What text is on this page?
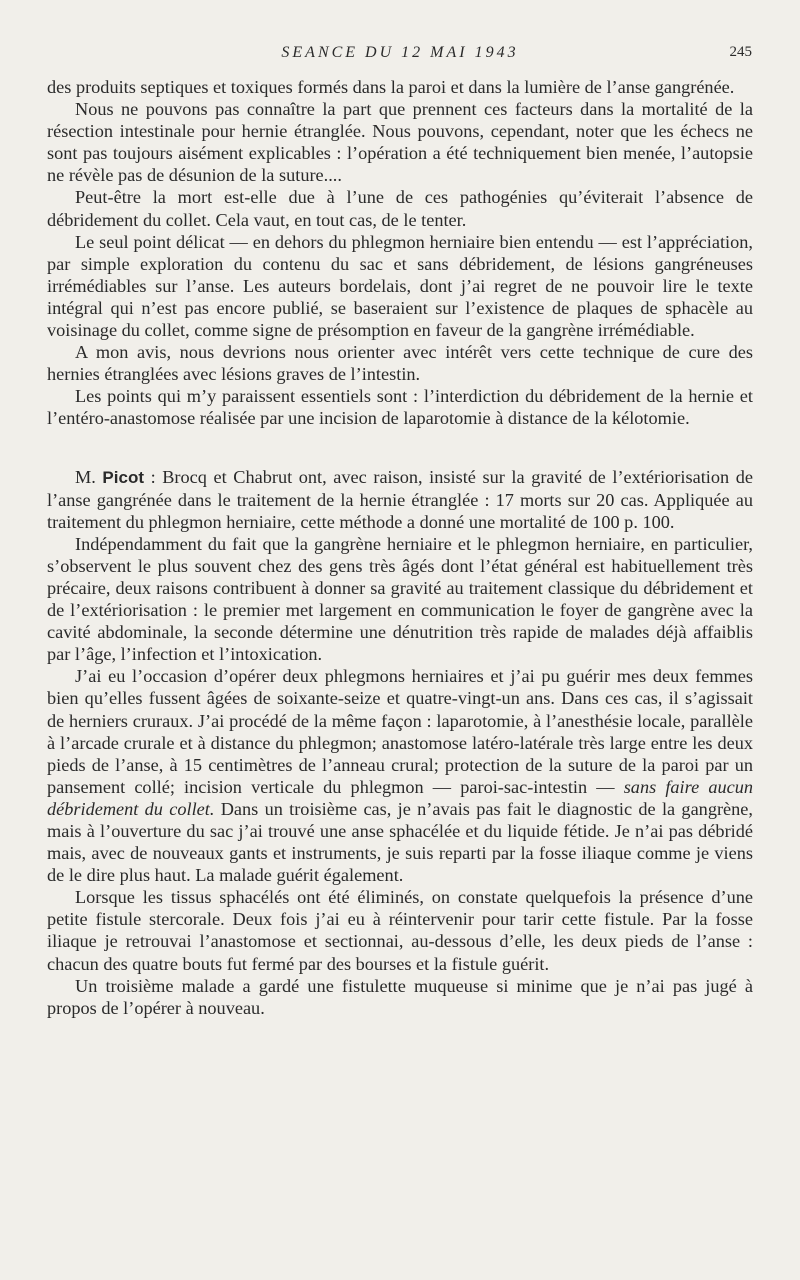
SEANCE DU 12 MAI 1943	245

des produits septiques et toxiques formés dans la paroi et dans la lumière de l’anse gangrénée.

Nous ne pouvons pas connaître la part que prennent ces facteurs dans la mortalité de la résection intestinale pour hernie étranglée. Nous pouvons, cependant, noter que les échecs ne sont pas toujours aisément explicables : l’opération a été techniquement bien menée, l’autopsie ne révèle pas de désunion de la suture....

Peut-être la mort est-elle due à l’une de ces pathogénies qu’éviterait l’absence de débridement du collet. Cela vaut, en tout cas, de le tenter.

Le seul point délicat — en dehors du phlegmon herniaire bien entendu — est l’appréciation, par simple exploration du contenu du sac et sans débridement, de lésions gangréneuses irrémédiables sur l’anse. Les auteurs bordelais, dont j’ai regret de ne pouvoir lire le texte intégral qui n’est pas encore publié, se baseraient sur l’existence de plaques de sphacèle au voisinage du collet, comme signe de présomption en faveur de la gangrène irrémédiable.

A mon avis, nous devrions nous orienter avec intérêt vers cette technique de cure des hernies étranglées avec lésions graves de l’intestin.

Les points qui m’y paraissent essentiels sont : l’interdiction du débridement de la hernie et l’entéro-anastomose réalisée par une incision de laparotomie à distance de la kélotomie.

M. Picot : Brocq et Chabrut ont, avec raison, insisté sur la gravité de l’extériorisation de l’anse gangrénée dans le traitement de la hernie étranglée : 17 morts sur 20 cas. Appliquée au traitement du phlegmon herniaire, cette méthode a donné une mortalité de 100 p. 100.

Indépendamment du fait que la gangrène herniaire et le phlegmon herniaire, en particulier, s’observent le plus souvent chez des gens très âgés dont l’état général est habituellement très précaire, deux raisons contribuent à donner sa gravité au traitement classique du débridement et de l’extériorisation : le premier met largement en communication le foyer de gangrène avec la cavité abdominale, la seconde détermine une dénutrition très rapide de malades déjà affaiblis par l’âge, l’infection et l’intoxication.

J’ai eu l’occasion d’opérer deux phlegmons herniaires et j’ai pu guérir mes deux femmes bien qu’elles fussent âgées de soixante-seize et quatre-vingt-un ans. Dans ces cas, il s’agissait de herniers cruraux. J’ai procédé de la même façon : laparotomie, à l’anesthésie locale, parallèle à l’arcade crurale et à distance du phlegmon; anastomose latéro-latérale très large entre les deux pieds de l’anse, à 15 centimètres de l’anneau crural; protection de la suture de la paroi par un pansement collé; incision verticale du phlegmon — paroi-sac-intestin — sans faire aucun débridement du collet. Dans un troisième cas, je n’avais pas fait le diagnostic de la gangrène, mais à l’ouverture du sac j’ai trouvé une anse sphacélée et du liquide fétide. Je n’ai pas débridé mais, avec de nouveaux gants et instruments, je suis reparti par la fosse iliaque comme je viens de le dire plus haut. La malade guérit également.

Lorsque les tissus sphacélés ont été éliminés, on constate quelquefois la présence d’une petite fistule stercorale. Deux fois j’ai eu à réintervenir pour tarir cette fistule. Par la fosse iliaque je retrouvai l’anastomose et sectionnai, au-dessous d’elle, les deux pieds de l’anse : chacun des quatre bouts fut fermé par des bourses et la fistule guérit.

Un troisième malade a gardé une fistulette muqueuse si minime que je n’ai pas jugé à propos de l’opérer à nouveau.
